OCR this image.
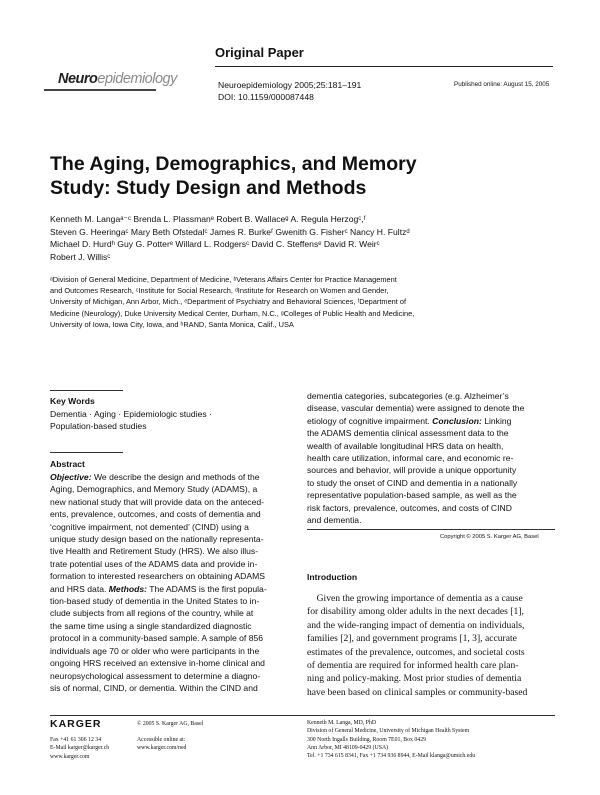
Original Paper
Neuroepidemiology	Neuroepidemiology 2005;25:181–191
DOI: 10.1159/000087448
Published online: August 15, 2005
The Aging, Demographics, and Memory
Study: Study Design and Methods

Kenneth M. Langaᵃ⁻ᶜ Brenda L. Plassmanᵉ Robert B. Wallaceᵍ A. Regula Herzogᶜ,ᶠ

Steven G. Heeringaᶜ Mary Beth Ofstedalᶜ James R. Burkeᶠ Gwenith G. Fisherᶜ Nancy H. Fultzᵈ

Michael D. Hurdʰ Guy G. Potterᵉ Willard L. Rodgersᶜ David C. Steffensᵉ David R. Weirᶜ

Robert J. Willisᶜ

ᵃDivision of General Medicine, Department of Medicine, ᵇVeterans Affairs Center for Practice Management

and Outcomes Research, ᶜInstitute for Social Research, ᵈInstitute for Research on Women and Gender,

University of Michigan, Ann Arbor, Mich., ᵉDepartment of Psychiatry and Behavioral Sciences, ᶠDepartment of

Medicine (Neurology), Duke University Medical Center, Durham, N.C., ᵍColleges of Public Health and Medicine,

University of Iowa, Iowa City, Iowa, and ʰRAND, Santa Monica, Calif., USA

Key Words

Dementia · Aging · Epidemiologic studies ·

Population-based studies

Abstract

Objective: We describe the design and methods of the

Aging, Demographics, and Memory Study (ADAMS), a

new national study that will provide data on the anteced-

ents, prevalence, outcomes, and costs of dementia and

‘cognitive impairment, not demented’ (CIND) using a

unique study design based on the nationally representa-

tive Health and Retirement Study (HRS). We also illus-

trate potential uses of the ADAMS data and provide in-

formation to interested researchers on obtaining ADAMS

and HRS data. Methods: The ADAMS is the first popula-

tion-based study of dementia in the United States to in-

clude subjects from all regions of the country, while at

the same time using a single standardized diagnostic

protocol in a community-based sample. A sample of 856

individuals age 70 or older who were participants in the

ongoing HRS received an extensive in-home clinical and

neuropsychological assessment to determine a diagno-

sis of normal, CIND, or dementia. Within the CIND and

dementia categories, subcategories (e.g. Alzheimer’s

disease, vascular dementia) were assigned to denote the

etiology of cognitive impairment. Conclusion: Linking

the ADAMS dementia clinical assessment data to the

wealth of available longitudinal HRS data on health,

health care utilization, informal care, and economic re-

sources and behavior, will provide a unique opportunity

to study the onset of CIND and dementia in a nationally

representative population-based sample, as well as the

risk factors, prevalence, outcomes, and costs of CIND

and dementia.

Copyright © 2005 S. Karger AG, Basel
Introduction

Given the growing importance of dementia as a cause

for disability among older adults in the next decades [1],

and the wide-ranging impact of dementia on individuals,

families [2], and government programs [1, 3], accurate

estimates of the prevalence, outcomes, and societal costs

of dementia are required for informed health care plan-

ning and policy-making. Most prior studies of dementia

have been based on clinical samples or community-based

KARGER	© 2005 S. Karger AG, Basel

Fax +41 61 306 12 34

E-Mail karger@karger.ch

www.karger.com

Accessible online at:

www.karger.com/ned

Kenneth M. Langa, MD, PhD

Division of General Medicine, University of Michigan Health System

300 North Ingalls Building, Room 7E01, Box 0429

Ann Arbor, MI 48109-0429 (USA)

Tel. +1 734 615 8341, Fax +1 734 936 8944, E-Mail klanga@umich.edu
